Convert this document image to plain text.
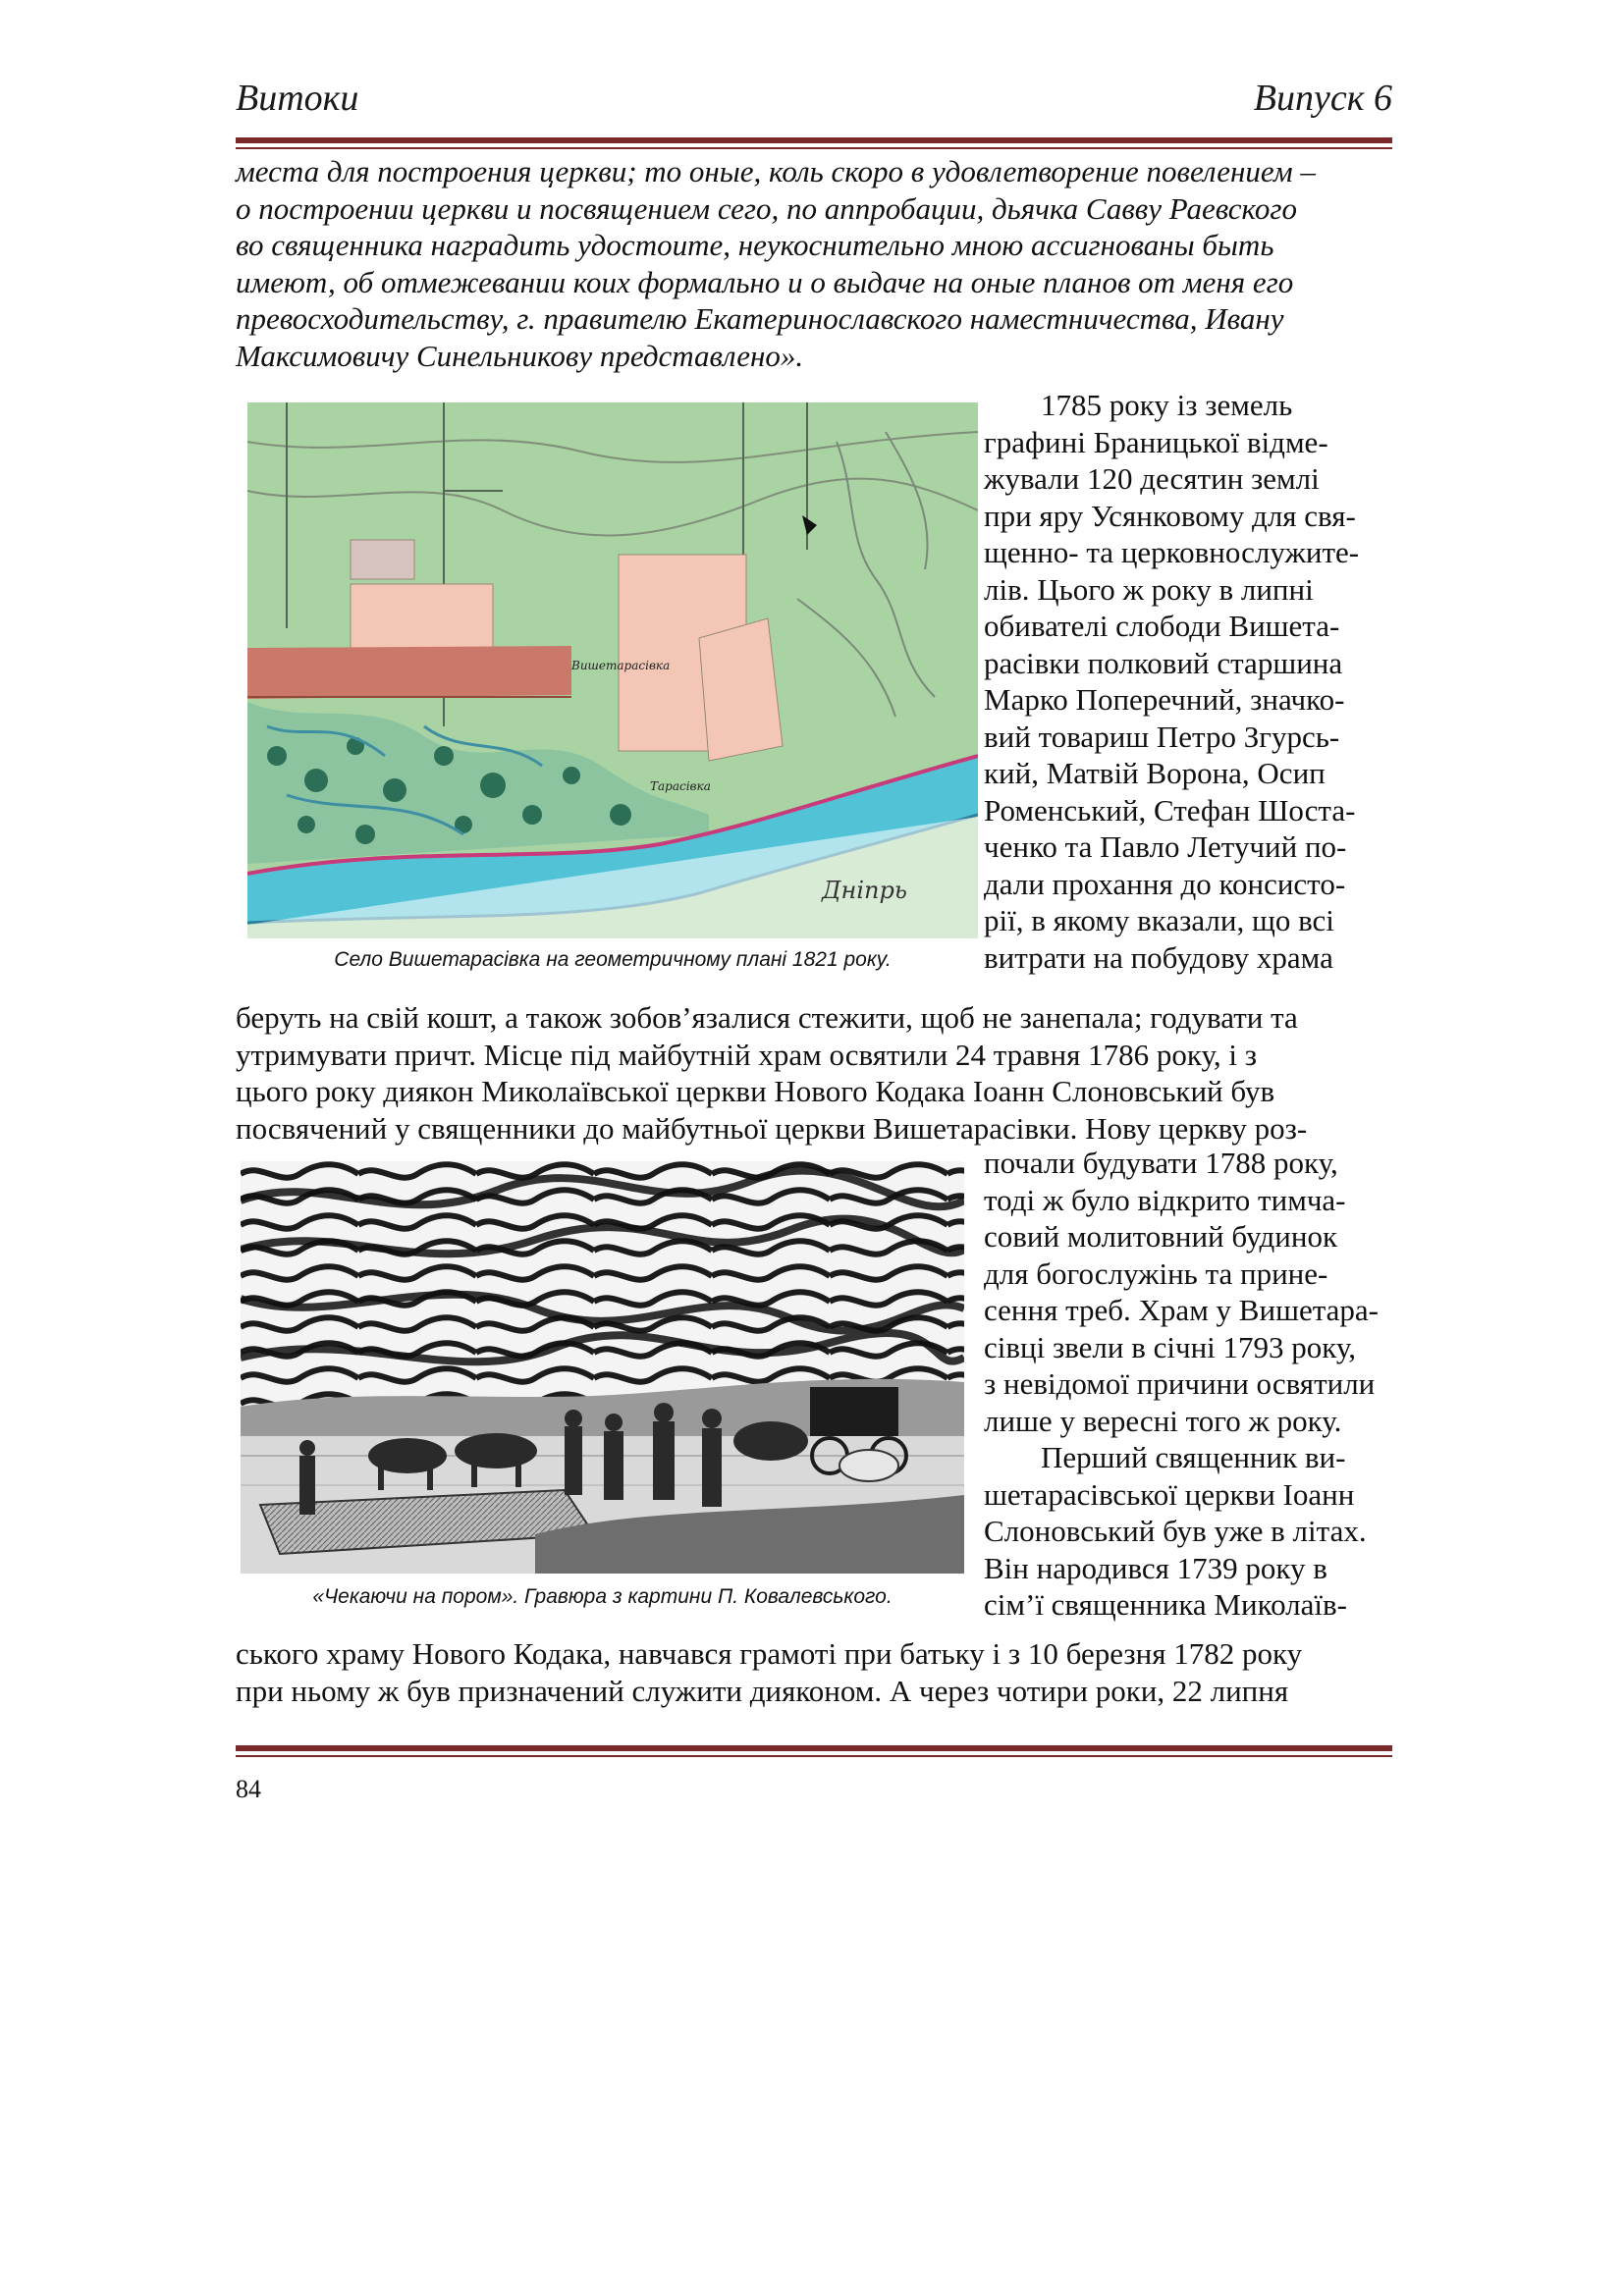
Витоки	Випуск 6
места для построения церкви; то оные, коль скоро в удовлетворение повелением –
о построении церкви и посвящением сего, по аппробации, дьячка Савву Раевского
во священника наградить удостоите, неукоснительно мною ассигнованы быть
имеют, об отмежевании коих формально и о выдаче на оные планов от меня его
превосходительству, г. правителю Екатеринославского наместничества, Ивану
Максимовичу Синельникову представлено».
Дніпрь
Вишетарасівка
Тарасівка
Село Вишетарасівка на геометричному плані 1821 року.

1785 року із земель

графині Браницької відме-
жували 120 десятин землі
при яру Усянковому для свя-
щенно- та церковнослужите-
лів. Цього ж року в липні
обивателі слободи Вишета-
расівки полковий старшина
Марко Поперечний, значко-
вий товариш Петро Згурсь-
кий, Матвій Ворона, Осип
Роменський, Стефан Шоста-
ченко та Павло Летучий по-
дали прохання до консисто-
рії, в якому вказали, що всі
витрати на побудову храма
беруть на свій кошт, а також зобов’язалися стежити, щоб не занепала; годувати та
утримувати причт. Місце під майбутній храм освятили 24 травня 1786 року, і з
цього року диякон Миколаївської церкви Нового Кодака Іоанн Слоновський був
посвячений у священники до майбутньої церкви Вишетарасівки. Нову церкву роз-
«Чекаючи на пором». Гравюра з картини П. Ковалевського.
почали будувати 1788 року,
тоді ж було відкрито тимча-
совий молитовний будинок
для богослужінь та прине-
сення треб. Храм у Вишетара-
сівці звели в січні 1793 року,
з невідомої причини освятили
лише у вересні того ж року.

Перший священник ви-

шетарасівської церкви Іоанн
Слоновський був уже в літах.
Він народився 1739 року в
сім’ї священника Миколаїв-
ського храму Нового Кодака, навчався грамоті при батьку і з 10 березня 1782 року
при ньому ж був призначений служити дияконом. А через чотири роки, 22 липня
84
